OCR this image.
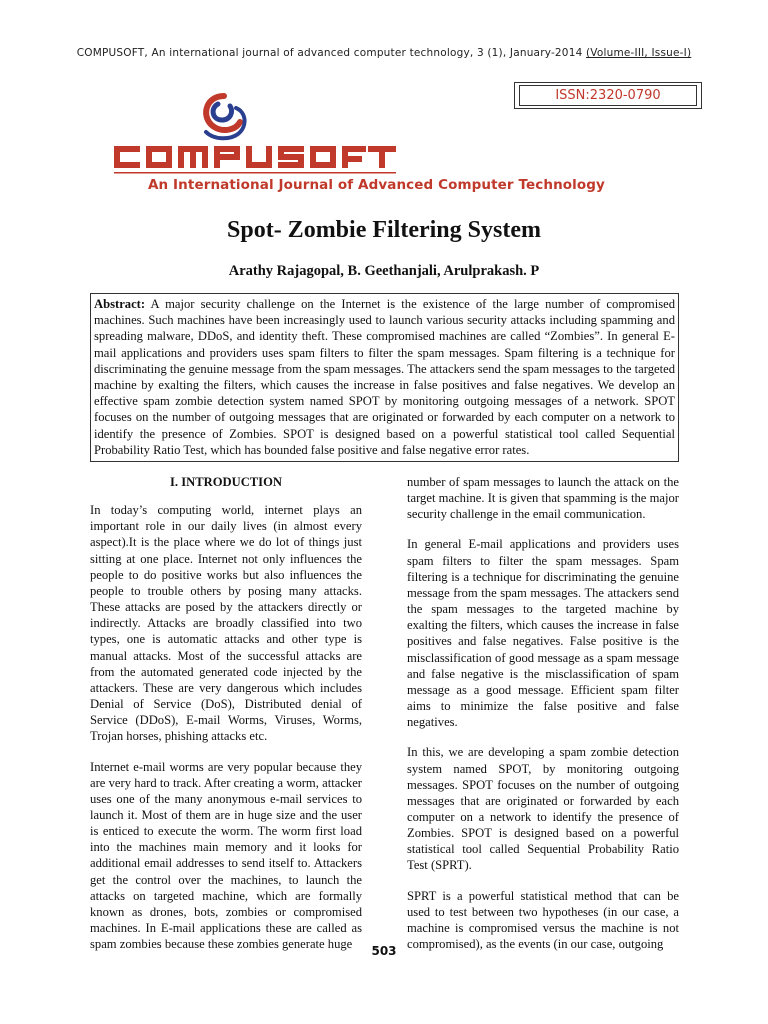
COMPUSOFT, An international journal of advanced computer technology, 3 (1), January-2014 (Volume-III, Issue-I)
ISSN:2320-0790
An International Journal of Advanced Computer Technology
Spot- Zombie Filtering System
Arathy Rajagopal, B. Geethanjali, Arulprakash. P
Abstract: A major security challenge on the Internet is the existence of the large number of compromised machines. Such machines have been increasingly used to launch various security attacks including spamming and spreading malware, DDoS, and identity theft. These compromised machines are called “Zombies”. In general E-mail applications and providers uses spam filters to filter the spam messages. Spam filtering is a technique for discriminating the genuine message from the spam messages. The attackers send the spam messages to the targeted machine by exalting the filters, which causes the increase in false positives and false negatives. We develop an effective spam zombie detection system named SPOT by monitoring outgoing messages of a network. SPOT focuses on the number of outgoing messages that are originated or forwarded by each computer on a network to identify the presence of Zombies. SPOT is designed based on a powerful statistical tool called Sequential Probability Ratio Test, which has bounded false positive and false negative error rates.

I. INTRODUCTION

In today’s computing world, internet plays an important role in our daily lives (in almost every aspect).It is the place where we do lot of things just sitting at one place. Internet not only influences the people to do positive works but also influences the people to trouble others by posing many attacks. These attacks are posed by the attackers directly or indirectly. Attacks are broadly classified into two types, one is automatic attacks and other type is manual attacks. Most of the successful attacks are from the automated generated code injected by the attackers. These are very dangerous which includes Denial of Service (DoS), Distributed denial of Service (DDoS), E-mail Worms, Viruses, Worms, Trojan horses, phishing attacks etc.

Internet e-mail worms are very popular because they are very hard to track. After creating a worm, attacker uses one of the many anonymous e-mail services to launch it. Most of them are in huge size and the user is enticed to execute the worm. The worm first load into the machines main memory and it looks for additional email addresses to send itself to. Attackers get the control over the machines, to launch the attacks on targeted machine, which are formally known as drones, bots, zombies or compromised machines. In E-mail applications these are called as spam zombies because these zombies generate huge

number of spam messages to launch the attack on the target machine. It is given that spamming is the major security challenge in the email communication.

In general E-mail applications and providers uses spam filters to filter the spam messages. Spam filtering is a technique for discriminating the genuine message from the spam messages. The attackers send the spam messages to the targeted machine by exalting the filters, which causes the increase in false positives and false negatives. False positive is the misclassification of good message as a spam message and false negative is the misclassification of spam message as a good message. Efficient spam filter aims to minimize the false positive and false negatives.

In this, we are developing a spam zombie detection system named SPOT, by monitoring outgoing messages. SPOT focuses on the number of outgoing messages that are originated or forwarded by each computer on a network to identify the presence of Zombies. SPOT is designed based on a powerful statistical tool called Sequential Probability Ratio Test (SPRT).

SPRT is a powerful statistical method that can be used to test between two hypotheses (in our case, a machine is compromised versus the machine is not compromised), as the events (in our case, outgoing

503
